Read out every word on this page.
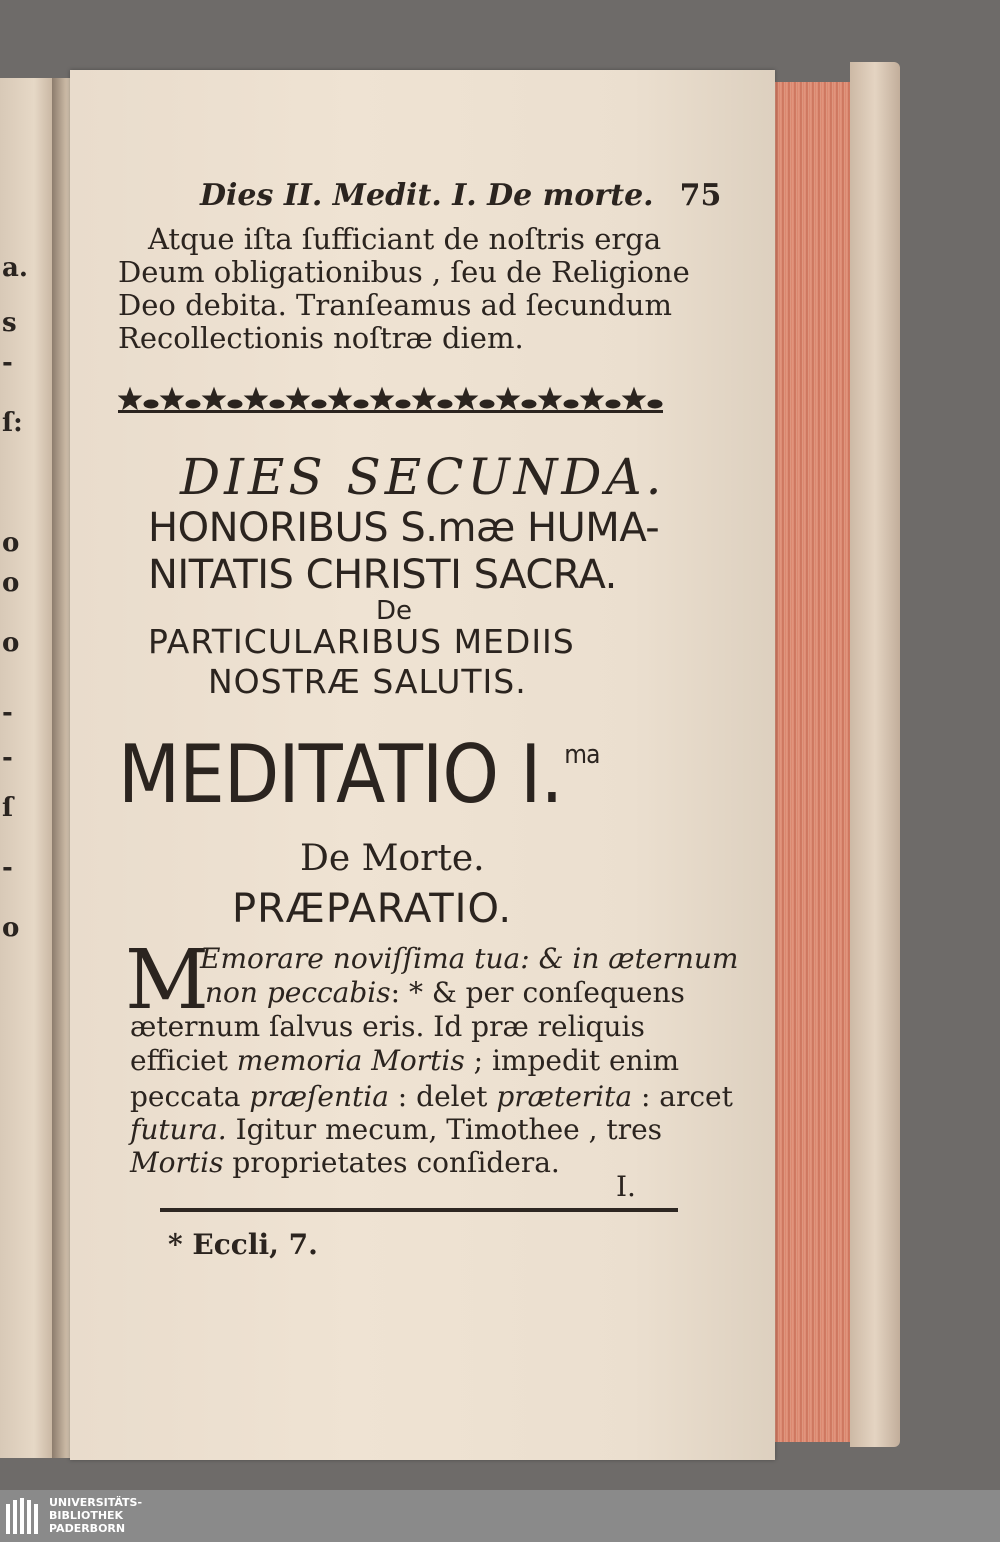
a.
s
-
ſ:
o
o
o
-
-
ſ
-
o
Dies II. Medit. I. De morte. 75
Atque iſta ſufficiant de noſtris erga
Deum obligationibus , ſeu de Religione
Deo debita. Tranſeamus ad ſecundum
Recollectionis noſtræ diem.
DIES SECUNDA.
HONORIBUS S.mæ HUMA-
NITATIS CHRISTI SACRA.
De
PARTICULARIBUS MEDIIS
NOSTRÆ SALUTIS.
MEDITATIO I.$^{ma}$
De Morte.
PRÆPARATIO.
M
Emorare noviſſima tua: & in æternum
non peccabis: * & per conſequens
æternum ſalvus eris. Id præ reliquis
efficiet memoria Mortis ; impedit enim
peccata præſentia : delet præterita : arcet
futura. Igitur mecum, Timothee , tres
Mortis proprietates conſidera.
I.
* Eccli, 7.
UNIVERSITÄTS-
BIBLIOTHEK
PADERBORN
